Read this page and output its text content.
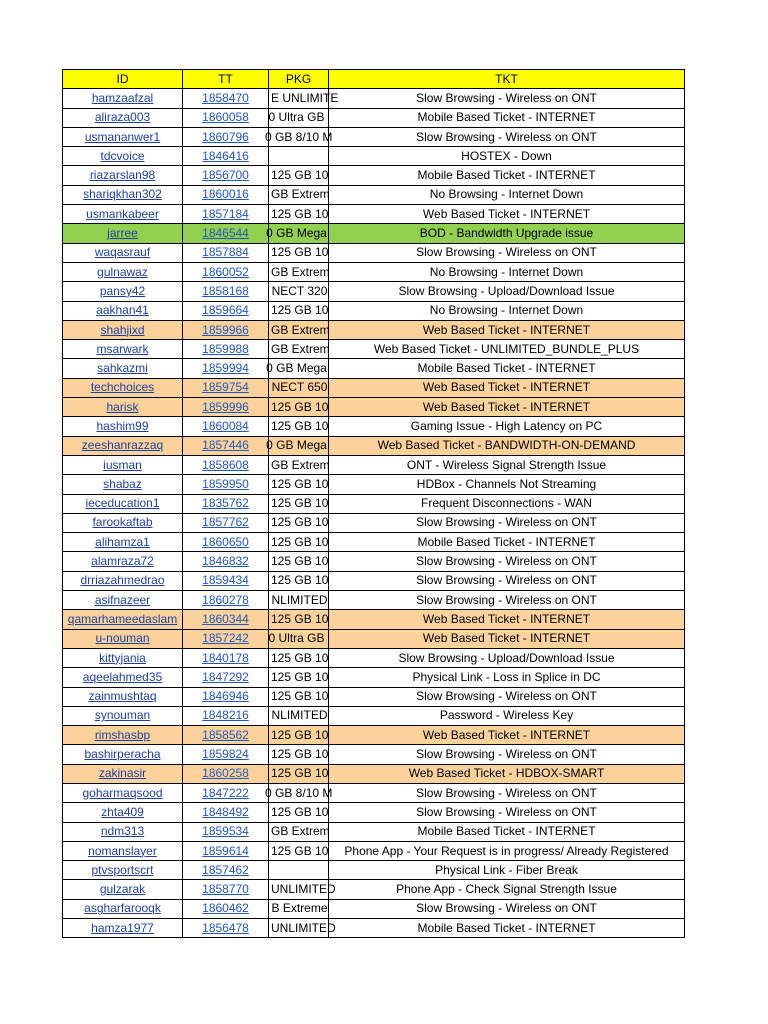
ID	TT	PKG	TKT
hamzaafzal	1858470	E UNLIMITE	Slow Browsing - Wireless on ONT
aliraza003	1860058	0 Ultra GB	Mobile Based Ticket - INTERNET
usmananwer1	1860796	0 GB 8/10 M	Slow Browsing - Wireless on ONT
tdcvoice	1846416		HOSTEX - Down
riazarslan98	1856700	125 GB 10	Mobile Based Ticket - INTERNET
shariqkhan302	1860016	GB Extrem	No Browsing - Internet Down
usmankabeer	1857184	125 GB 10	Web Based Ticket - INTERNET
jarree	1846544	0 GB Mega	BOD - Bandwidth Upgrade issue
waqasrauf	1857884	125 GB 10	Slow Browsing - Wireless on ONT
gulnawaz	1860052	GB Extrem	No Browsing - Internet Down
pansy42	1858168	NECT 320	Slow Browsing - Upload/Download Issue
aakhan41	1859664	125 GB 10	No Browsing - Internet Down
shahjixd	1859966	GB Extrem	Web Based Ticket - INTERNET
msarwark	1859988	GB Extrem	Web Based Ticket - UNLIMITED_BUNDLE_PLUS
sahkazmi	1859994	0 GB Mega	Mobile Based Ticket - INTERNET
techchoices	1859754	NECT 650	Web Based Ticket - INTERNET
harisk	1859996	125 GB 10	Web Based Ticket - INTERNET
hashim99	1860084	125 GB 10	Gaming Issue - High Latency on PC
zeeshanrazzaq	1857446	0 GB Mega	Web Based Ticket - BANDWIDTH-ON-DEMAND
iusman	1858608	GB Extrem	ONT - Wireless Signal Strength Issue
shabaz	1859950	125 GB 10	HDBox - Channels Not Streaming
ieceducation1	1835762	125 GB 10	Frequent Disconnections - WAN
farookaftab	1857762	125 GB 10	Slow Browsing - Wireless on ONT
alihamza1	1860650	125 GB 10	Mobile Based Ticket - INTERNET
alamraza72	1846832	125 GB 10	Slow Browsing - Wireless on ONT
drriazahmedrao	1859434	125 GB 10	Slow Browsing - Wireless on ONT
asifnazeer	1860278	NLIMITED	Slow Browsing - Wireless on ONT
qamarhameedaslam	1860344	125 GB 10	Web Based Ticket - INTERNET
u-nouman	1857242	0 Ultra GB	Web Based Ticket - INTERNET
kittyjania	1840178	125 GB 10	Slow Browsing - Upload/Download Issue
aqeelahmed35	1847292	125 GB 10	Physical Link - Loss in Splice in DC
zainmushtaq	1846946	125 GB 10	Slow Browsing - Wireless on ONT
synouman	1848216	NLIMITED	Password - Wireless Key
rimshasbp	1858562	125 GB 10	Web Based Ticket - INTERNET
bashirperacha	1859824	125 GB 10	Slow Browsing - Wireless on ONT
zakinasir	1860258	125 GB 10	Web Based Ticket - HDBOX-SMART
goharmaqsood	1847222	0 GB 8/10 M	Slow Browsing - Wireless on ONT
zhta409	1848492	125 GB 10	Slow Browsing - Wireless on ONT
ndm313	1859534	GB Extrem	Mobile Based Ticket - INTERNET
nomanslayer	1859614	125 GB 10	Phone App - Your Request is in progress/ Already Registered
ptvsportscrt	1857462		Physical Link - Fiber Break
gulzarak	1858770	UNLIMITED	Phone App - Check Signal Strength Issue
asgharfarooqk	1860462	B Extreme	Slow Browsing - Wireless on ONT
hamza1977	1856478	UNLIMITED	Mobile Based Ticket - INTERNET
